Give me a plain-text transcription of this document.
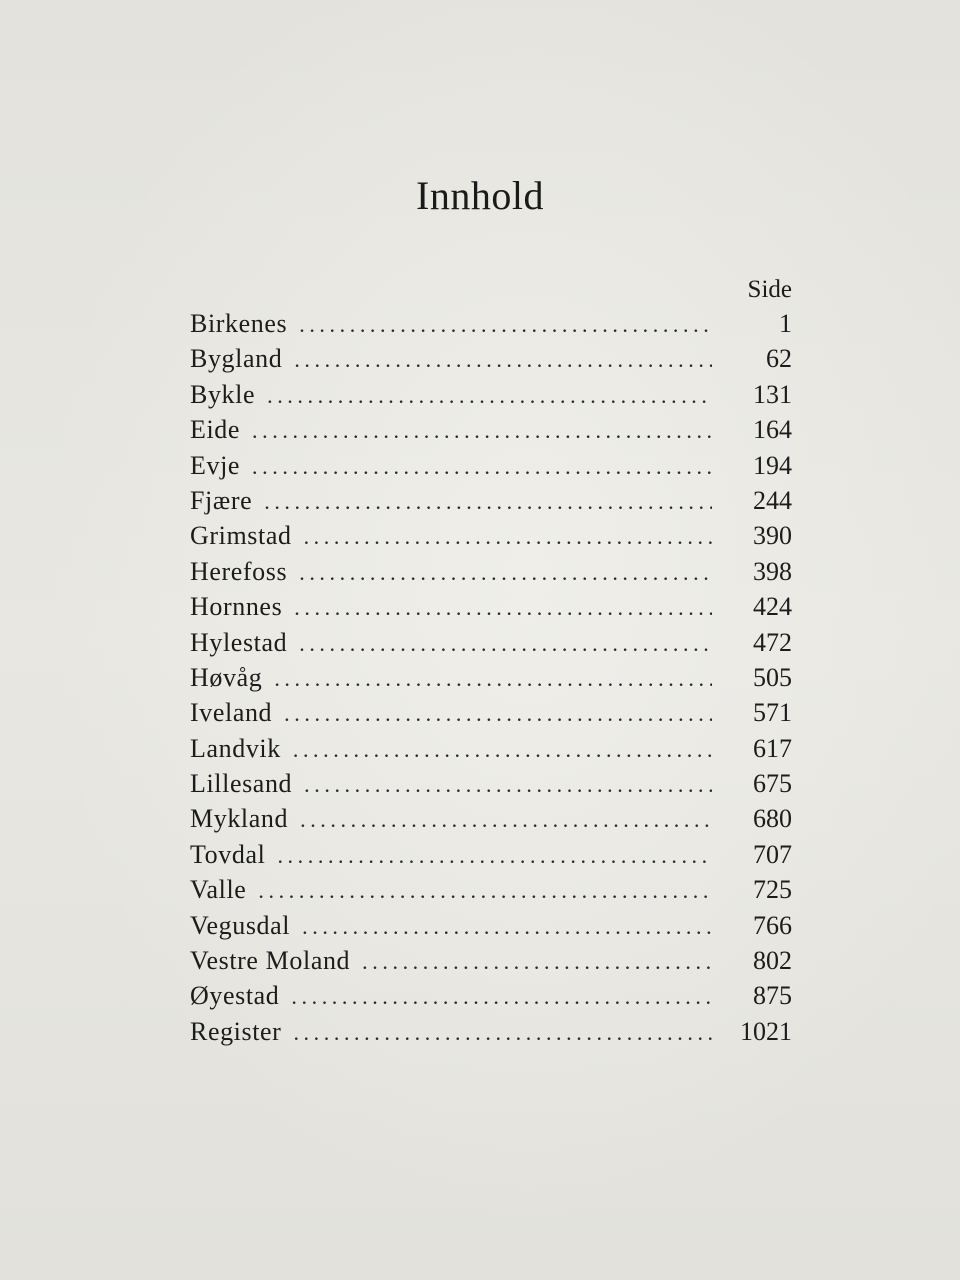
Innhold
Side
Birkenes . . .	1
Bygland . . .	62
Bykle . . .	131
Eide . . .	164
Evje . . .	194
Fjære . . .	244
Grimstad . . .	390
Herefoss . . .	398
Hornnes . . .	424
Hylestad . . .	472
Høvåg . . .	505
Iveland . . .	571
Landvik . . .	617
Lillesand . . .	675
Mykland . . .	680
Tovdal . . .	707
Valle . . .	725
Vegusdal . . .	766
Vestre Moland . . .	802
Øyestad . . .	875
Register . . .	1021
